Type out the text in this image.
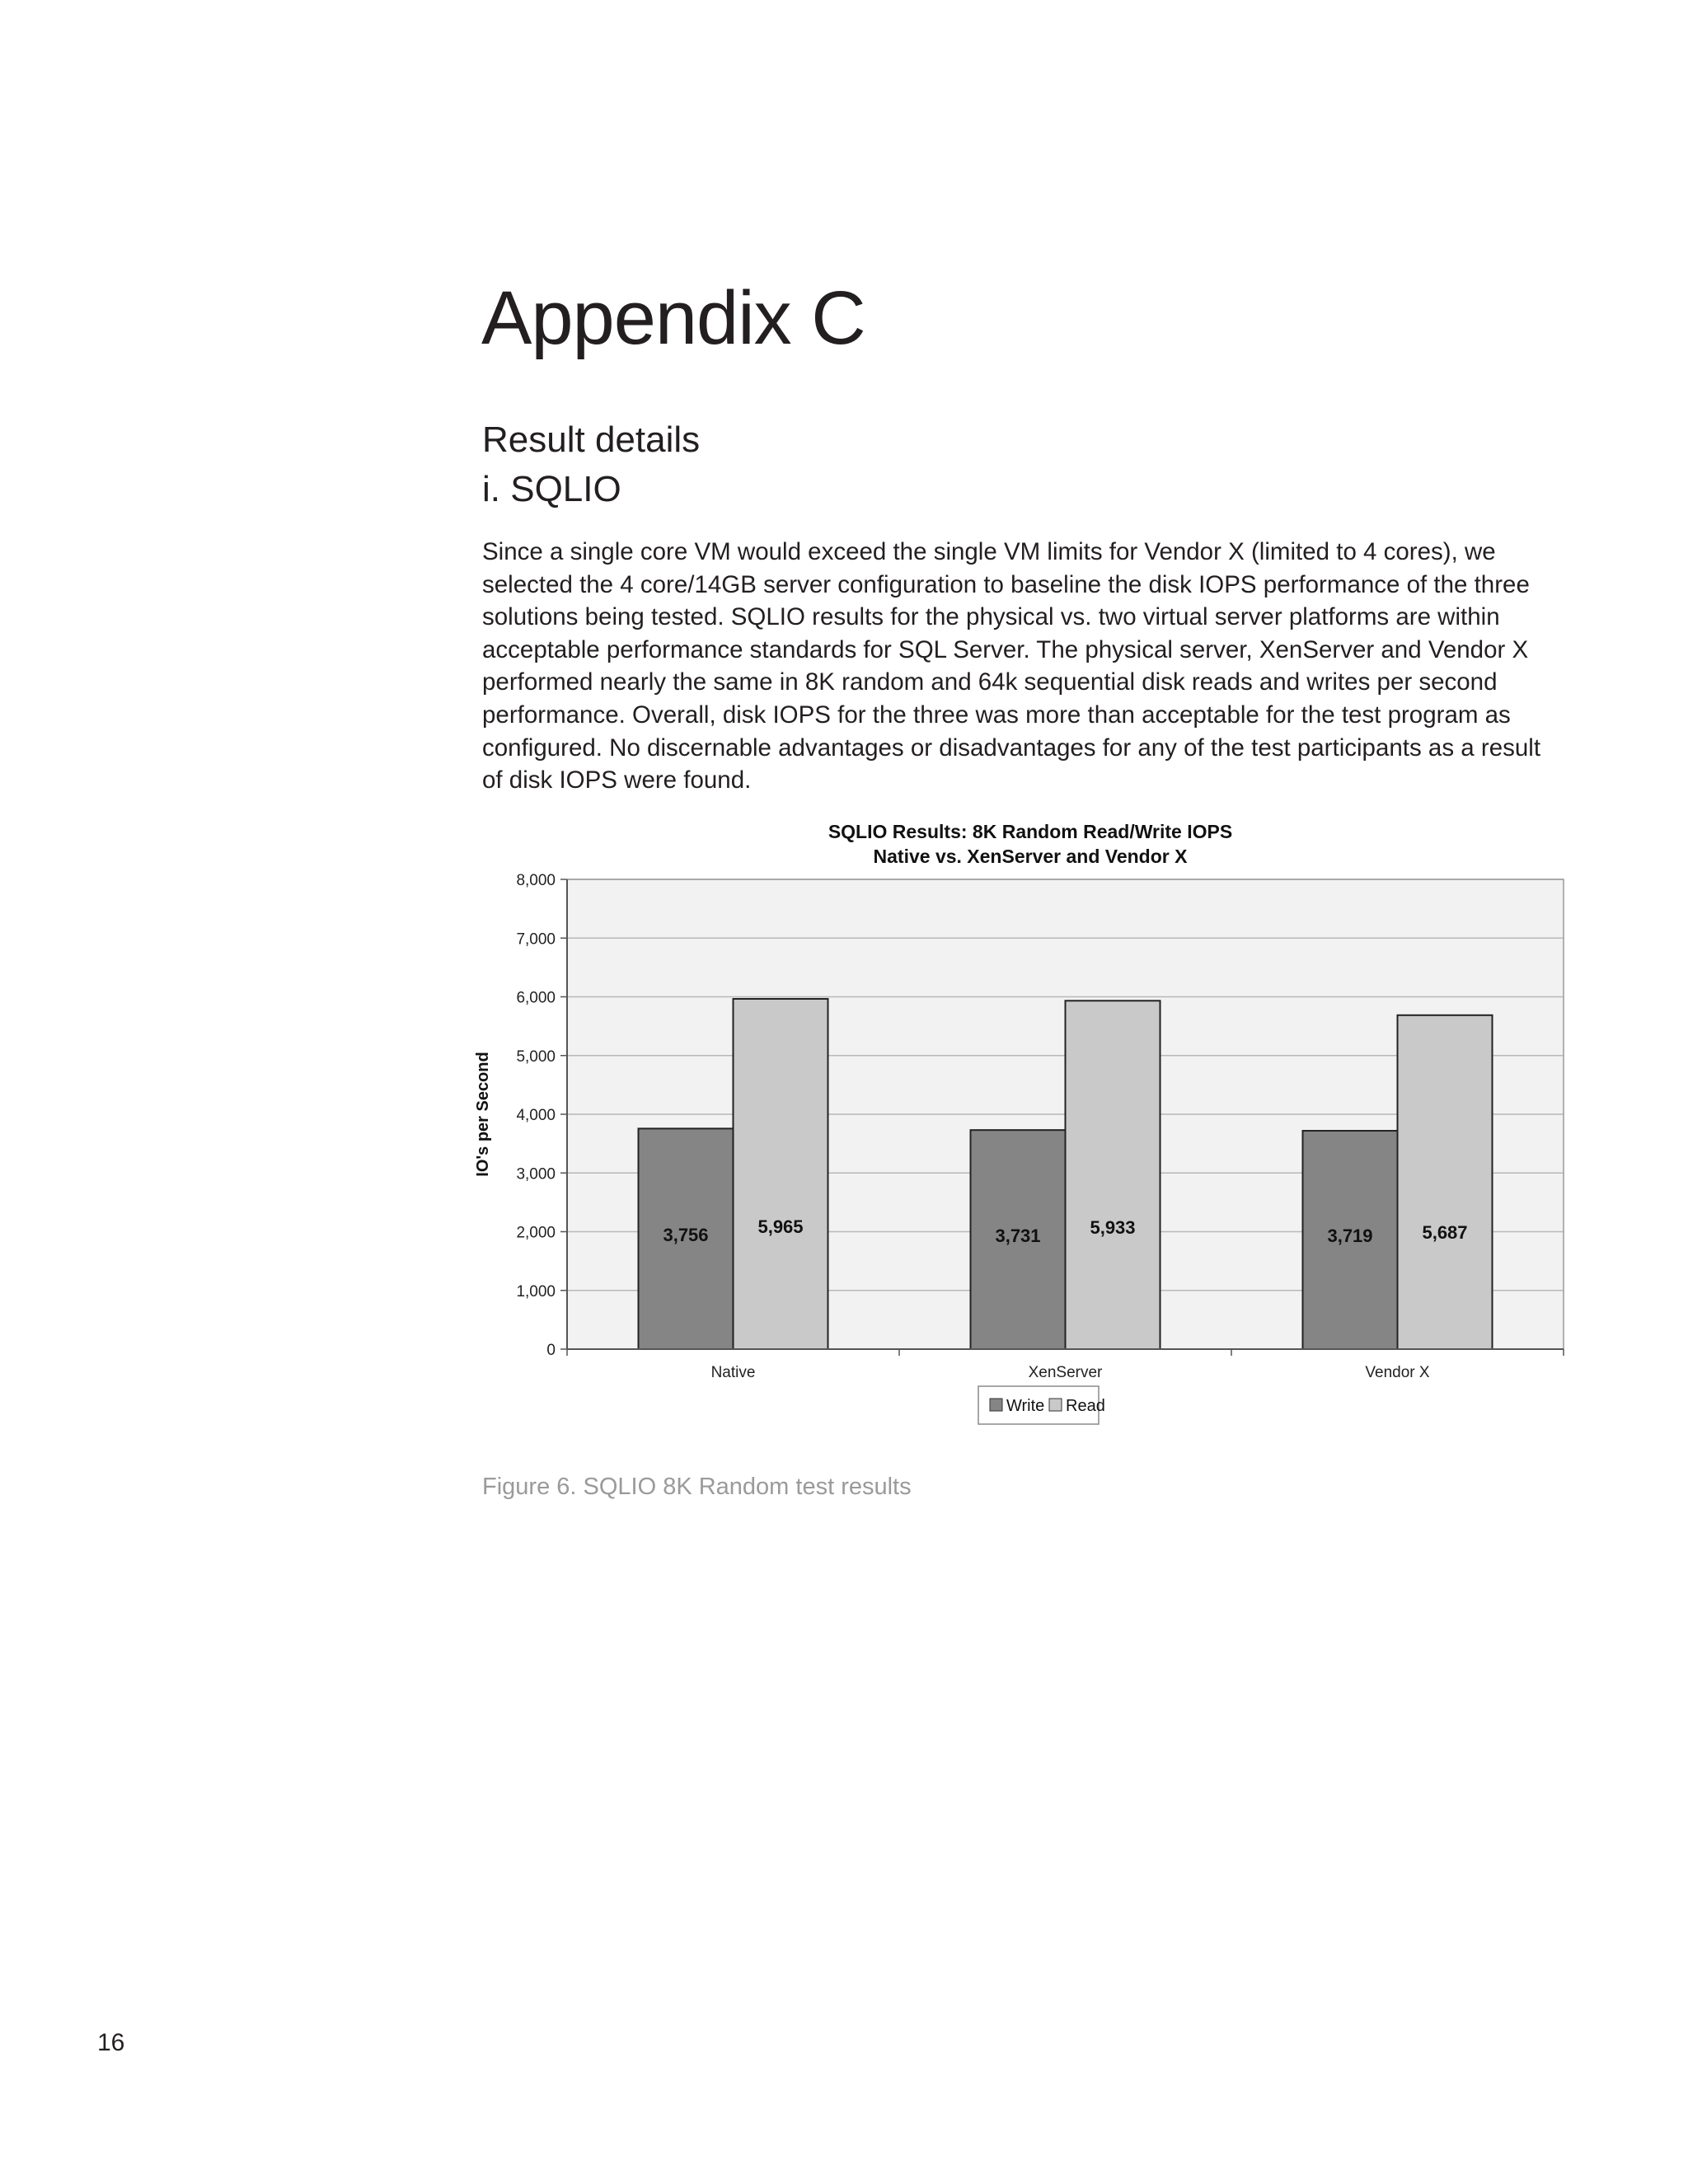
Appendix C
Result details
i. SQLIO
Since a single core VM would exceed the single VM limits for Vendor X (limited to 4 cores), we selected the 4 core/14GB server configuration to baseline the disk IOPS performance of the three solutions being tested. SQLIO results for the physical vs. two virtual server platforms are within acceptable performance standards for SQL Server. The physical server, XenServer and Vendor X performed nearly the same in 8K random and 64k sequential disk reads and writes per second performance. Overall, disk IOPS for the three was more than acceptable for the test program as configured. No discernable advantages or disadvantages for any of the test participants as a result of disk IOPS were found.
SQLIO Results: 8K Random Read/Write IOPS
Native vs. XenServer and Vendor X
0
1,000
2,000
3,000
4,000
5,000
6,000
7,000
8,000
IO's per Second
3,756	5,965
Native
3,731	5,933
XenServer
3,719	5,687
Vendor X
Write Read
Figure 6. SQLIO 8K Random test results
16
